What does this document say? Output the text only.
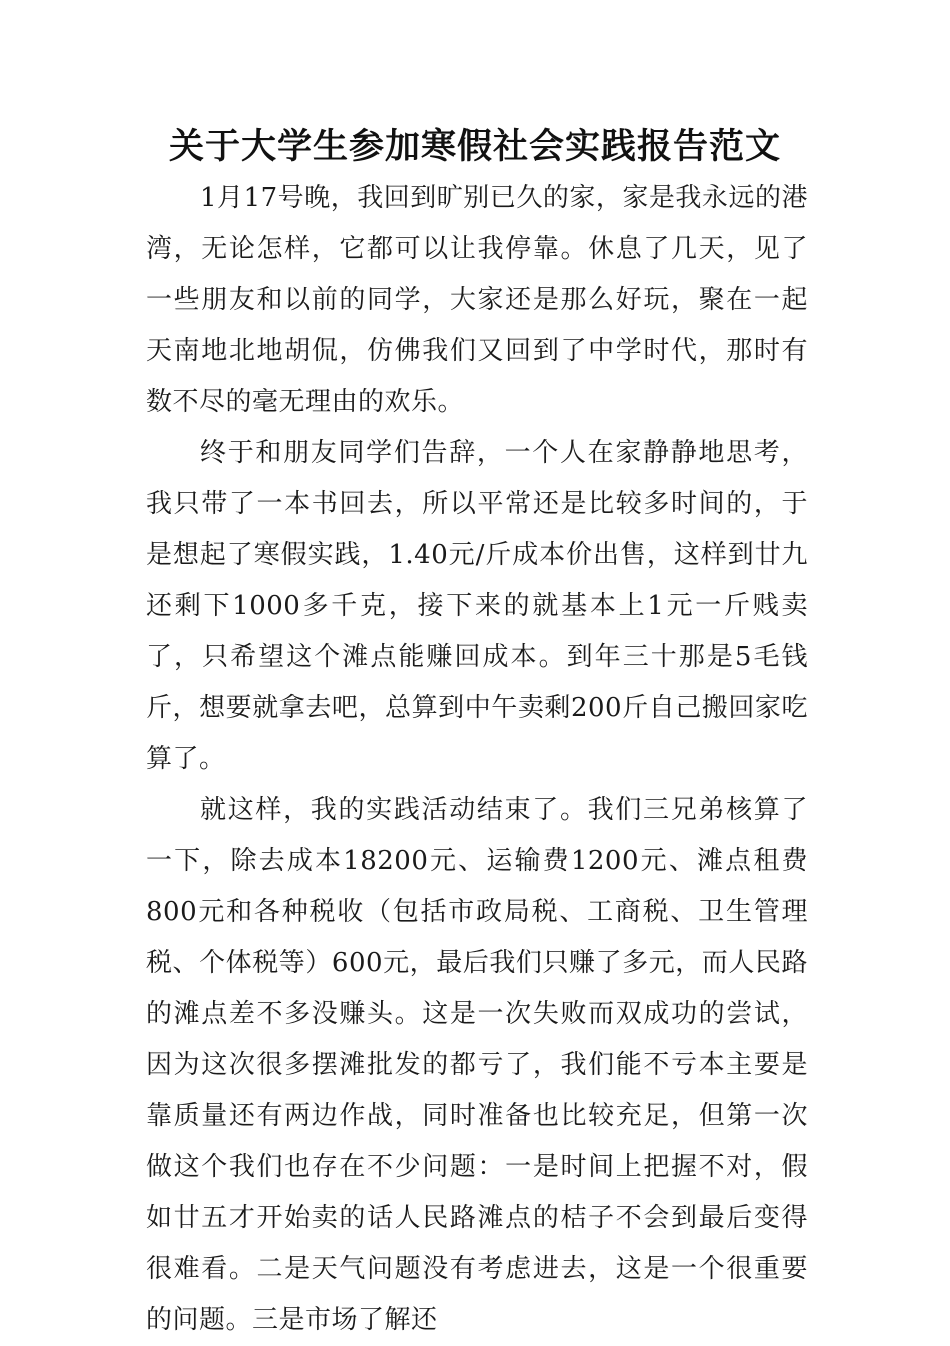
关于大学生参加寒假社会实践报告范文

1月17号晚，我回到旷别已久的家，家是我永远的港湾，无论怎样，它都可以让我停靠。休息了几天，见了一些朋友和以前的同学，大家还是那么好玩，聚在一起天南地北地胡侃，仿佛我们又回到了中学时代，那时有数不尽的毫无理由的欢乐。

终于和朋友同学们告辞，一个人在家静静地思考，我只带了一本书回去，所以平常还是比较多时间的，于是想起了寒假实践，1.40元/斤成本价出售，这样到廿九还剩下1000多千克，接下来的就基本上1元一斤贱卖了，只希望这个滩点能赚回成本。到年三十那是5毛钱斤，想要就拿去吧，总算到中午卖剩200斤自己搬回家吃算了。

就这样，我的实践活动结束了。我们三兄弟核算了一下，除去成本18200元、运输费1200元、滩点租费800元和各种税收（包括市政局税、工商税、卫生管理税、个体税等）600元，最后我们只赚了多元，而人民路的滩点差不多没赚头。这是一次失败而双成功的尝试，因为这次很多摆滩批发的都亏了，我们能不亏本主要是靠质量还有两边作战，同时准备也比较充足，但第一次做这个我们也存在不少问题：一是时间上把握不对，假如廿五才开始卖的话人民路滩点的桔子不会到最后变得很难看。二是天气问题没有考虑进去，这是一个很重要的问题。三是市场了解还
